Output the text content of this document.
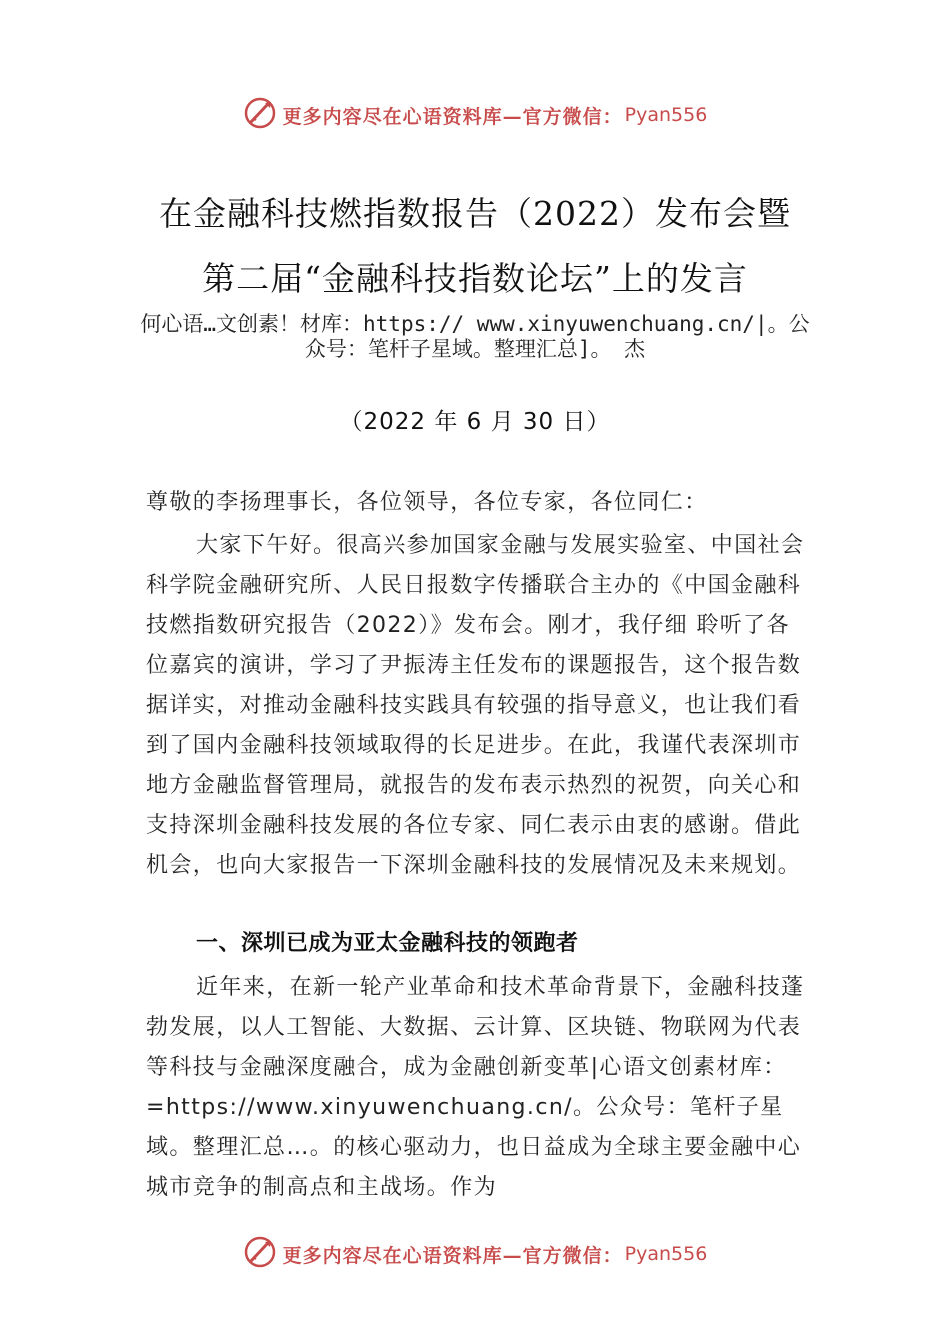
更多内容尽在心语资料库—官方微信： Pyan556
在金融科技燃指数报告（2022）发布会暨
第二届“金融科技指数论坛”上的发言
何心语…文创素！材库：https:// www.xinyuwenchuang.cn/|。公众号：笔杆子星域。整理汇总]。 杰
（2022 年 6 月 30 日）
尊敬的李扬理事长，各位领导，各位专家，各位同仁：
大家下午好。很高兴参加国家金融与发展实验室、中国社会科学院金融研究所、人民日报数字传播联合主办的《中国金融科技燃指数研究报告（2022）》发布会。刚才，我仔细 聆听了各位嘉宾的演讲，学习了尹振涛主任发布的课题报告，这个报告数据详实，对推动金融科技实践具有较强的指导意义，也让我们看到了国内金融科技领域取得的长足进步。在此，我谨代表深圳市地方金融监督管理局，就报告的发布表示热烈的祝贺，向关心和支持深圳金融科技发展的各位专家、同仁表示由衷的感谢。借此机会，也向大家报告一下深圳金融科技的发展情况及未来规划。
一、深圳已成为亚太金融科技的领跑者
近年来，在新一轮产业革命和技术革命背景下，金融科技蓬勃发展，以人工智能、大数据、云计算、区块链、物联网为代表等科技与金融深度融合，成为金融创新变革|心语文创素材库：=https://www.xinyuwenchuang.cn/。公众号：笔杆子星域。整理汇总…。的核心驱动力，也日益成为全球主要金融中心城市竞争的制高点和主战场。作为
更多内容尽在心语资料库—官方微信： Pyan556
